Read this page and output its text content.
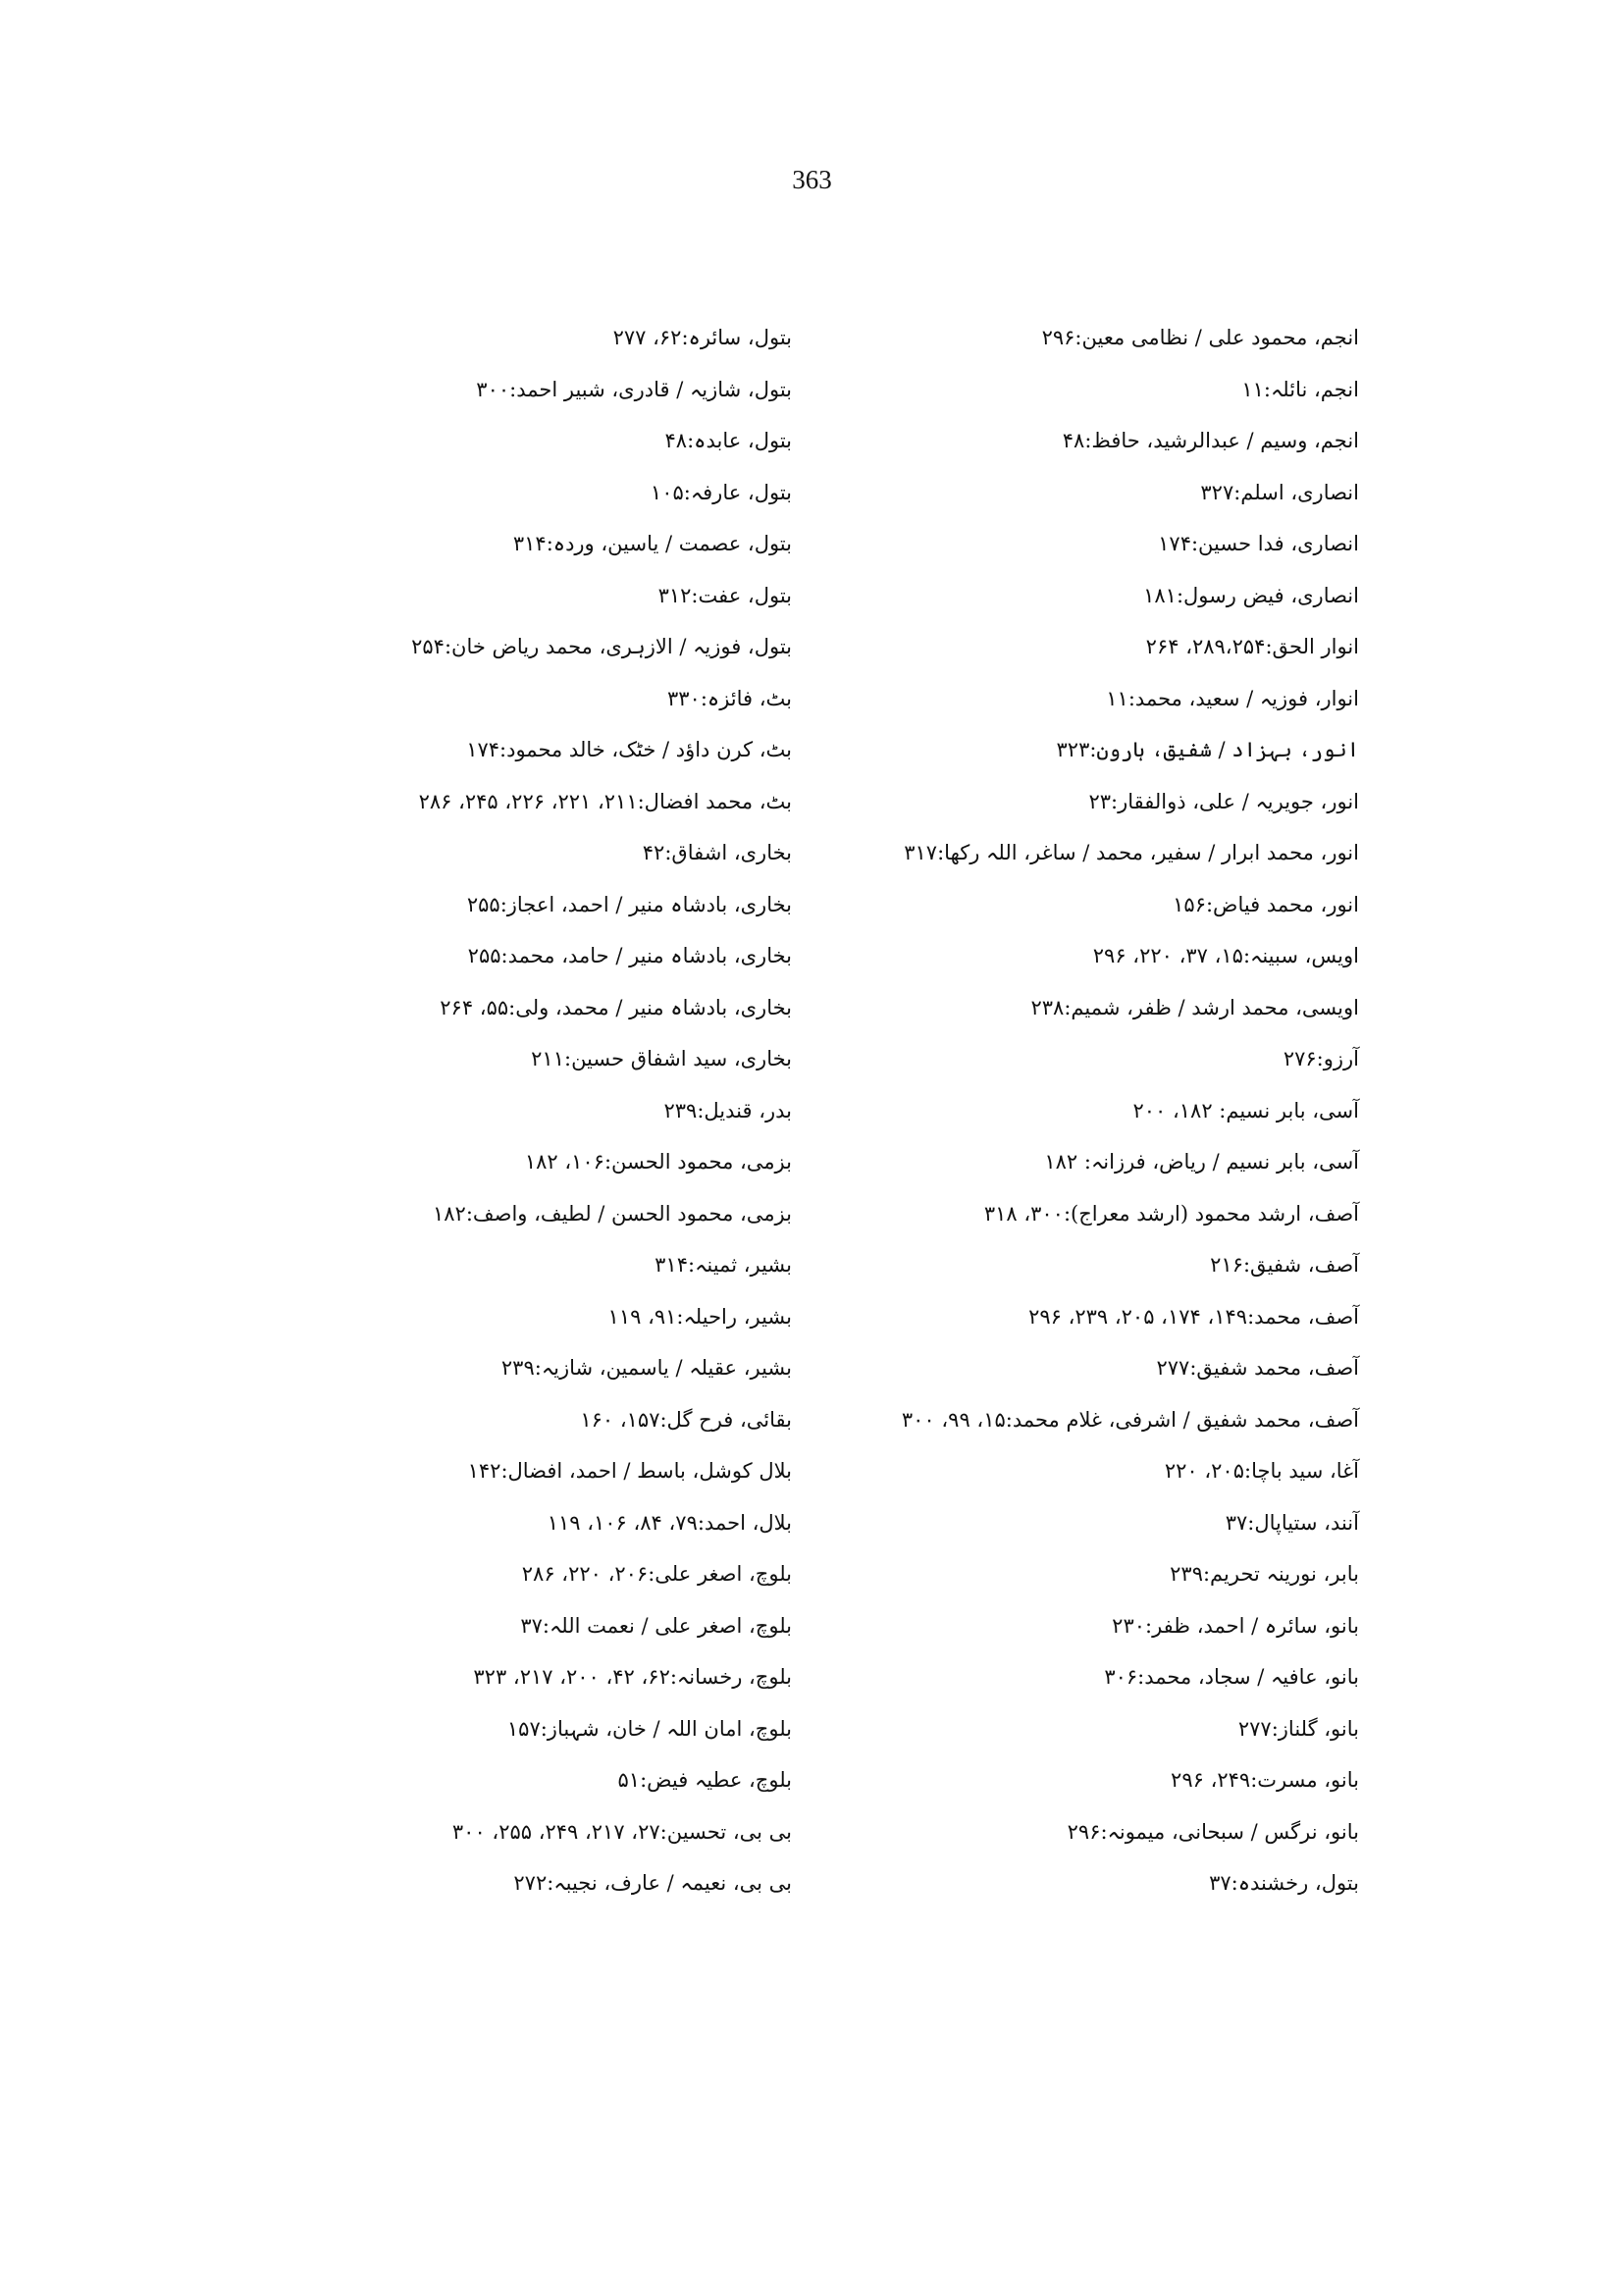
363
انجم، محمود علی / نظامی معین:۲۹۶
انجم، نائلہ:۱۱
انجم، وسیم / عبدالرشید، حافظ:۴۸
انصاری، اسلم:۳۲۷
انصاری، فدا حسین:۱۷۴
انصاری، فیض رسول:۱۸۱
انوار الحق:۲۸۹،۲۵۴، ۲۶۴
انوار، فوزیہ / سعید، محمد:۱۱
انور، بہزاد / شفیق، ہارون:۳۲۳
انور، جویریہ / علی، ذوالفقار:۲۳
انور، محمد ابرار / سفیر، محمد / ساغر، اللہ رکھا:۳۱۷
انور، محمد فیاض:۱۵۶
اویس، سبینہ:۱۵، ۳۷، ۲۲۰، ۲۹۶
اویسی، محمد ارشد / ظفر، شمیم:۲۳۸
آرزو:۲۷۶
آسی، بابر نسیم: ۱۸۲، ۲۰۰
آسی، بابر نسیم / ریاض، فرزانہ: ۱۸۲
آصف، ارشد محمود (ارشد معراج):۳۰۰، ۳۱۸
آصف، شفیق:۲۱۶
آصف، محمد:۱۴۹، ۱۷۴، ۲۰۵، ۲۳۹، ۲۹۶
آصف، محمد شفیق:۲۷۷
آصف، محمد شفیق / اشرفی، غلام محمد:۱۵، ۹۹، ۳۰۰
آغا، سید باچا:۲۰۵، ۲۲۰
آنند، ستیاپال:۳۷
بابر، نورینہ تحریم:۲۳۹
بانو، سائرہ / احمد، ظفر:۲۳۰
بانو، عافیہ / سجاد، محمد:۳۰۶
بانو، گلناز:۲۷۷
بانو، مسرت:۲۴۹، ۲۹۶
بانو، نرگس / سبحانی، میمونہ:۲۹۶
بتول، رخشندہ:۳۷
بتول، سائرہ:۶۲، ۲۷۷
بتول، شازیہ / قادری، شبیر احمد:۳۰۰
بتول، عابدہ:۴۸
بتول، عارفہ:۱۰۵
بتول، عصمت / یاسین، وردہ:۳۱۴
بتول، عفت:۳۱۲
بتول، فوزیہ / الازہری، محمد ریاض خان:۲۵۴
بٹ، فائزہ:۳۳۰
بٹ، کرن داؤد / خٹک، خالد محمود:۱۷۴
بٹ، محمد افضال:۲۱۱، ۲۲۱، ۲۲۶، ۲۴۵، ۲۸۶
بخاری، اشفاق:۴۲
بخاری، بادشاہ منیر / احمد، اعجاز:۲۵۵
بخاری، بادشاہ منیر / حامد، محمد:۲۵۵
بخاری، بادشاہ منیر / محمد، ولی:۵۵، ۲۶۴
بخاری، سید اشفاق حسین:۲۱۱
بدر، قندیل:۲۳۹
بزمی، محمود الحسن:۱۰۶، ۱۸۲
بزمی، محمود الحسن / لطیف، واصف:۱۸۲
بشیر، ثمینہ:۳۱۴
بشیر، راحیلہ:۹۱، ۱۱۹
بشیر، عقیلہ / یاسمین، شازیہ:۲۳۹
بقائی، فرح گل:۱۵۷، ۱۶۰
بلال کوشل، باسط / احمد، افضال:۱۴۲
بلال، احمد:۷۹، ۸۴، ۱۰۶، ۱۱۹
بلوچ، اصغر علی:۲۰۶، ۲۲۰، ۲۸۶
بلوچ، اصغر علی / نعمت اللہ:۳۷
بلوچ، رخسانہ:۶۲، ۴۲، ۲۰۰، ۲۱۷، ۳۲۳
بلوچ، امان اللہ / خان، شہباز:۱۵۷
بلوچ، عطیہ فیض:۵۱
بی بی، تحسین:۲۷، ۲۱۷، ۲۴۹، ۲۵۵، ۳۰۰
بی بی، نعیمہ / عارف، نجیبہ:۲۷۲
